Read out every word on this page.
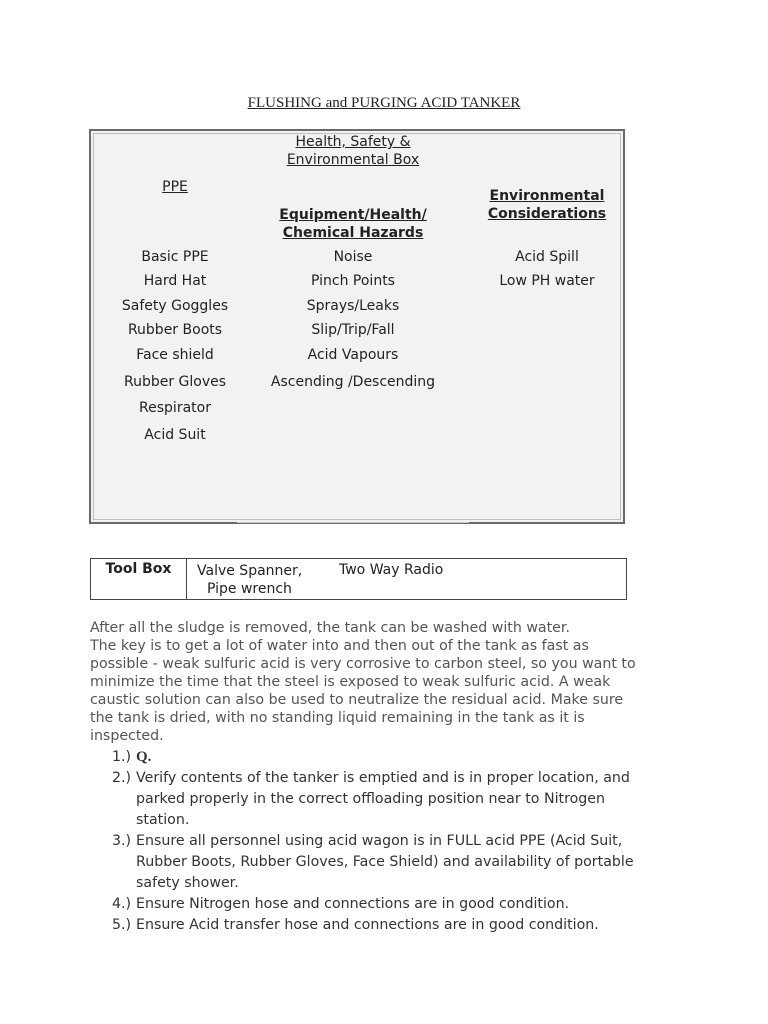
FLUSHING and PURGING ACID TANKER
PPE
Basic PPE
Hard Hat
Safety Goggles
Rubber Boots
Face shield
Rubber Gloves
Respirator
Acid Suit
Health, Safety &
Environmental Box
Equipment/Health/
Chemical Hazards
Noise
Pinch Points
Sprays/Leaks
Slip/Trip/Fall
Acid Vapours
Ascending /Descending
Environmental
Considerations
Acid Spill
Low PH water
Tool Box	Valve Spanner,
Pipe wrench
Two Way Radio
After all the sludge is removed, the tank can be washed with water.
The key is to get a lot of water into and then out of the tank as fast as
possible - weak sulfuric acid is very corrosive to carbon steel, so you want to
minimize the time that the steel is exposed to weak sulfuric acid. A weak
caustic solution can also be used to neutralize the residual acid. Make sure
the tank is dried, with no standing liquid remaining in the tank as it is
inspected.
1.) Q.
2.) Verify contents of the tanker is emptied and is in proper location, and
parked properly in the correct offloading position near to Nitrogen
station.
3.) Ensure all personnel using acid wagon is in FULL acid PPE (Acid Suit,
Rubber Boots, Rubber Gloves, Face Shield) and availability of portable
safety shower.
4.) Ensure Nitrogen hose and connections are in good condition.
5.) Ensure Acid transfer hose and connections are in good condition.
